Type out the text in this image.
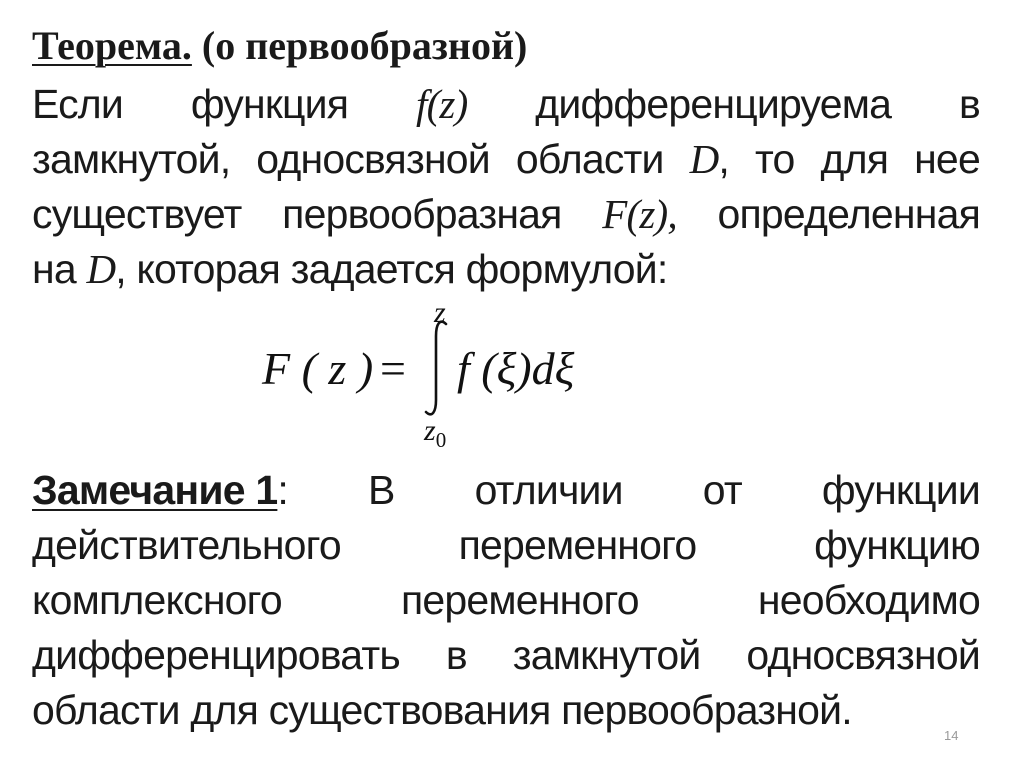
Теорема. (о первообразной)
Если функция f(z) дифференцируема в
замкнутой, односвязной области D, то для нее
существует первообразная F(z), определенная
на D, которая задается формулой:
F ( z ) =
z
$z_0$
f (ξ)dξ
Замечание 1: В отличии от функции
действительного	переменного	функцию
комплексного	переменного	необходимо
дифференцировать в замкнутой односвязной
области для существования первообразной.
14
